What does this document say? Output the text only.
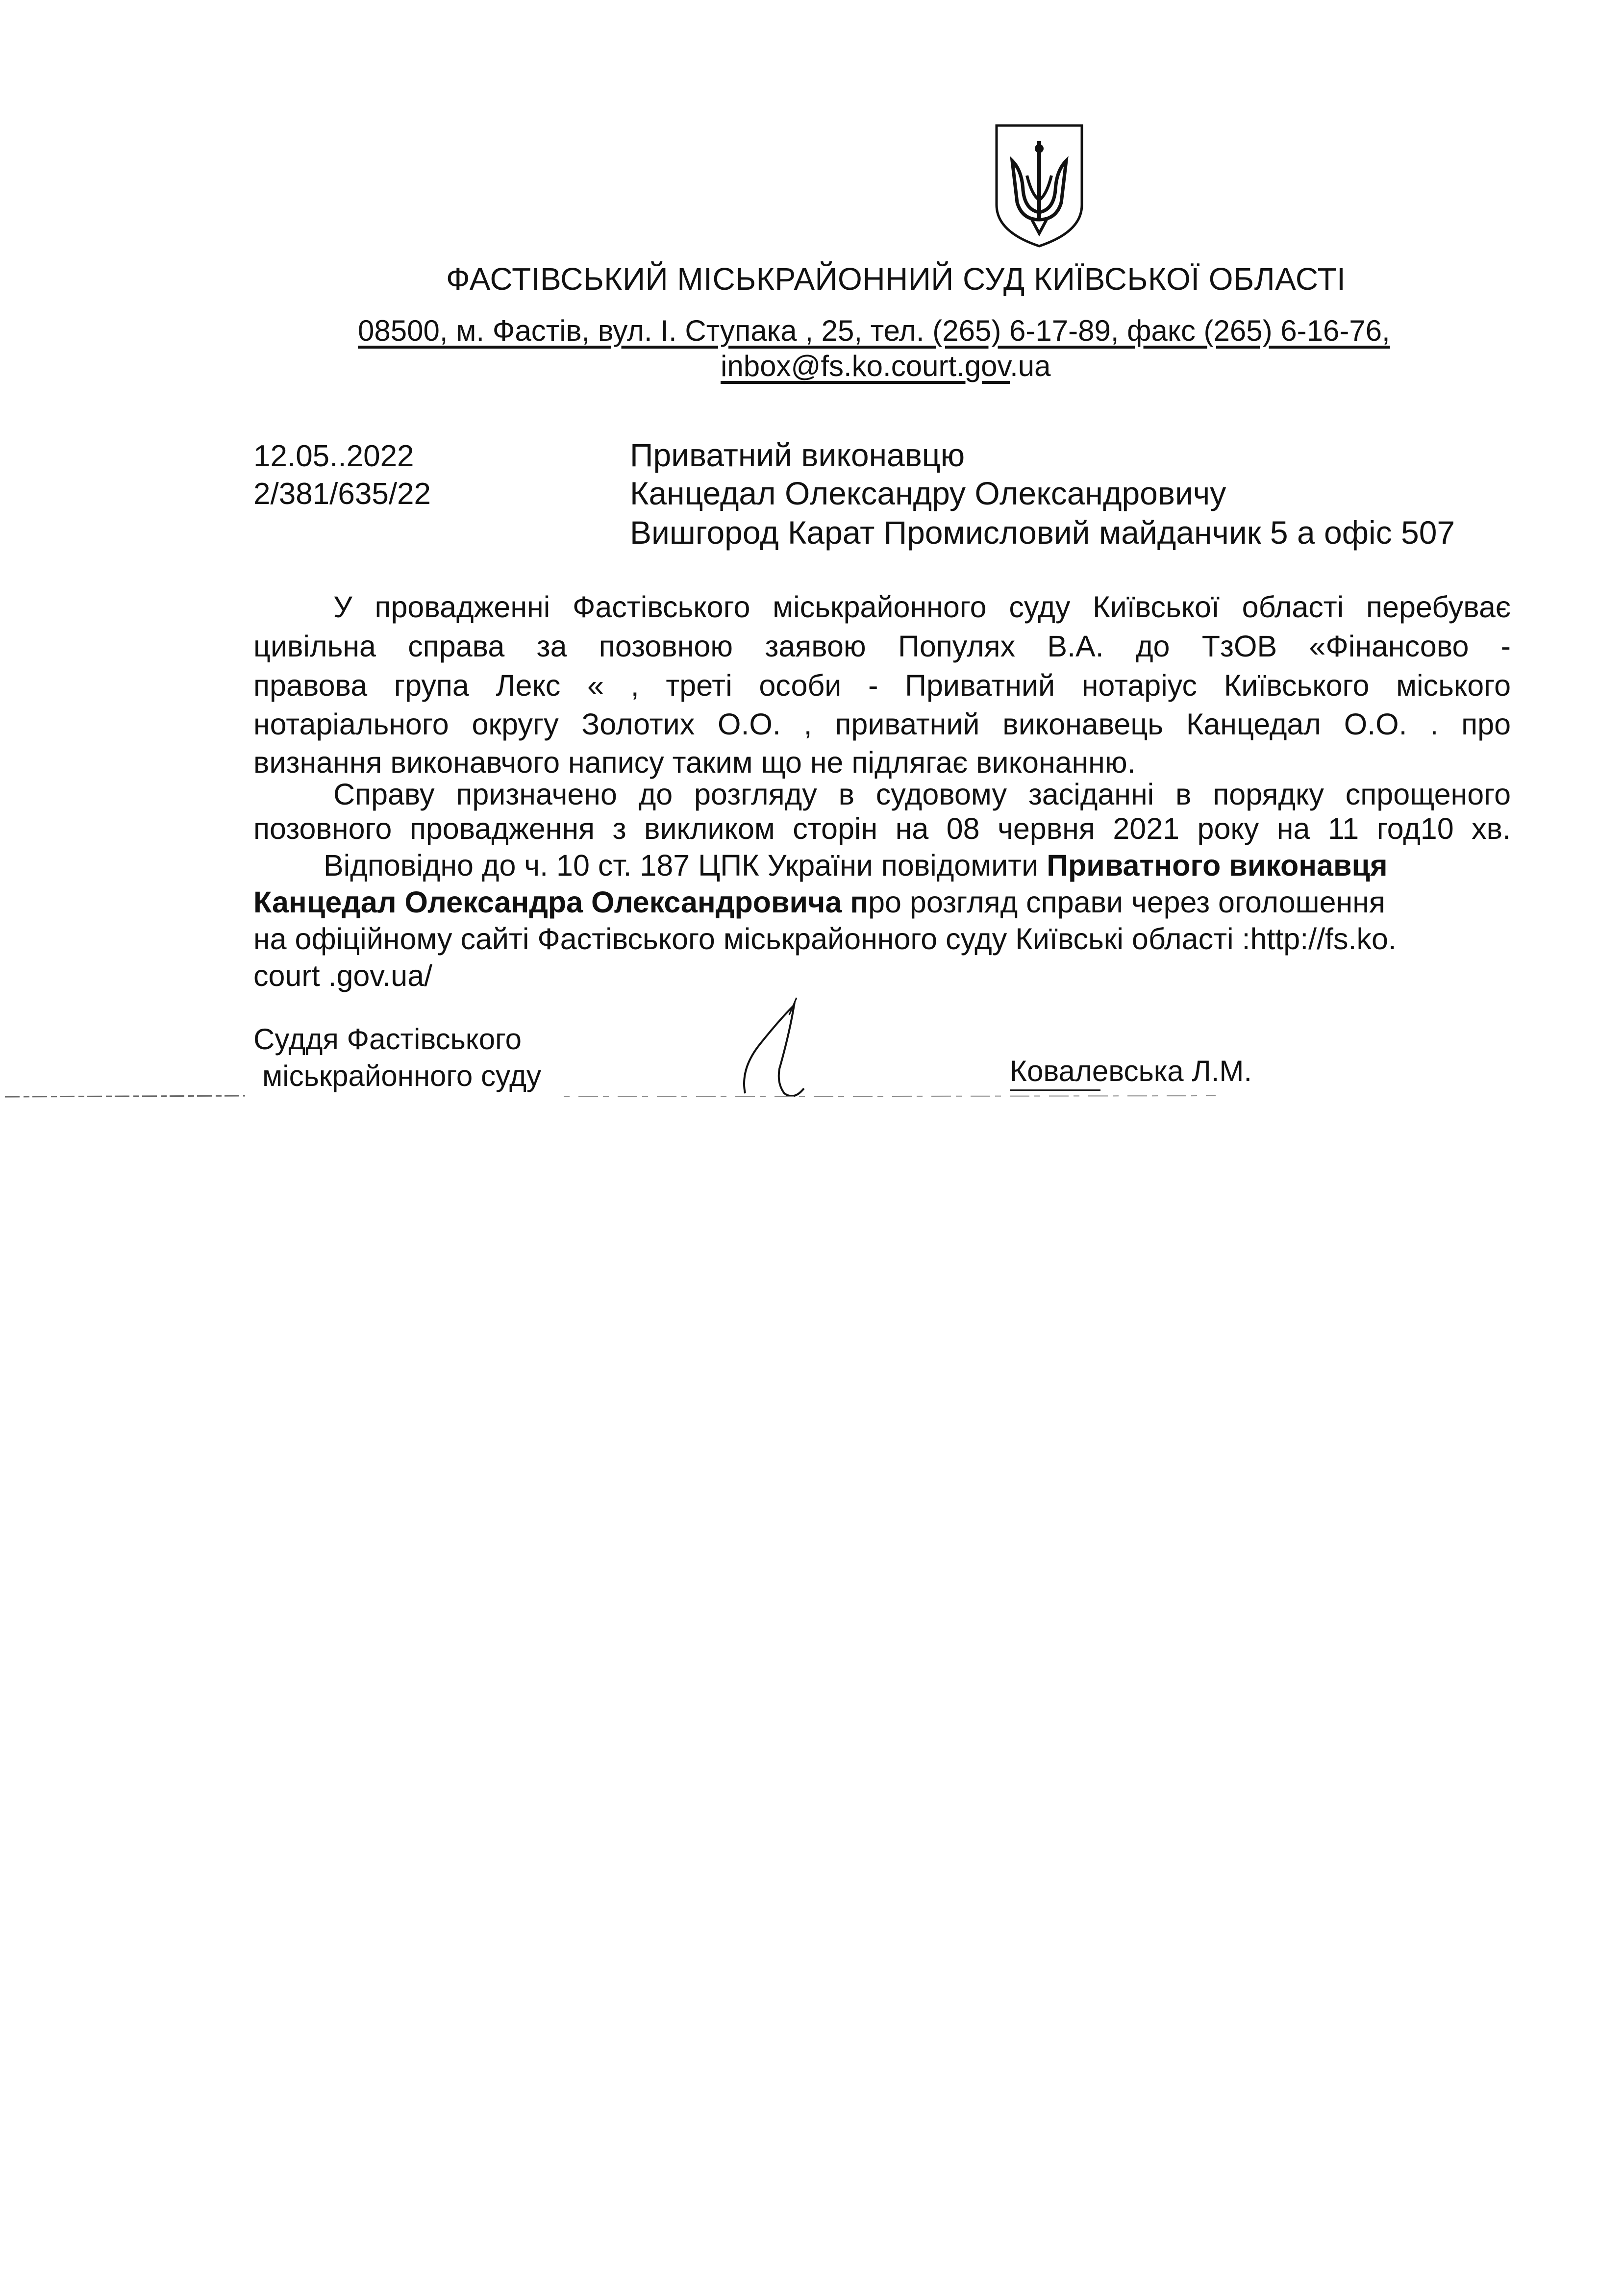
ФАСТІВСЬКИЙ МІСЬКРАЙОННИЙ СУД КИЇВСЬКОЇ ОБЛАСТІ
08500, м. Фастів, вул. І. Ступака , 25, тел. (265) 6-17-89, факс (265) 6-16-76,
inbox@fs.ko.court.gov.ua
12.05..2022
2/381/635/22
Приватний виконавцю
Канцедал Олександру Олександровичу
Вишгород Карат Промисловий майданчик 5 а офіс 507
У провадженні Фастівського міськрайонного суду Київської області перебуває
цивільна справа за позовною заявою Популях В.А. до ТзОВ «Фінансово -
правова група Лекс « , треті особи - Приватний нотаріус Київського міського
нотаріального округу Золотих О.О. , приватний виконавець Канцедал О.О. . про
визнання виконавчого напису таким що не підлягає виконанню.
Справу призначено до розгляду в судовому засіданні в порядку спрощеного
позовного провадження з викликом сторін на 08 червня 2021 року на 11 год10 хв.
Відповідно до ч. 10 ст. 187 ЦПК України повідомити Приватного виконавця
Канцедал Олександра Олександровича про розгляд справи через оголошення
на офіційному сайті Фастівського міськрайонного суду Київські області :http://fs.ko.
court .gov.ua/
Суддя Фастівського
міськрайонного суду	Ковалевська Л.М.
